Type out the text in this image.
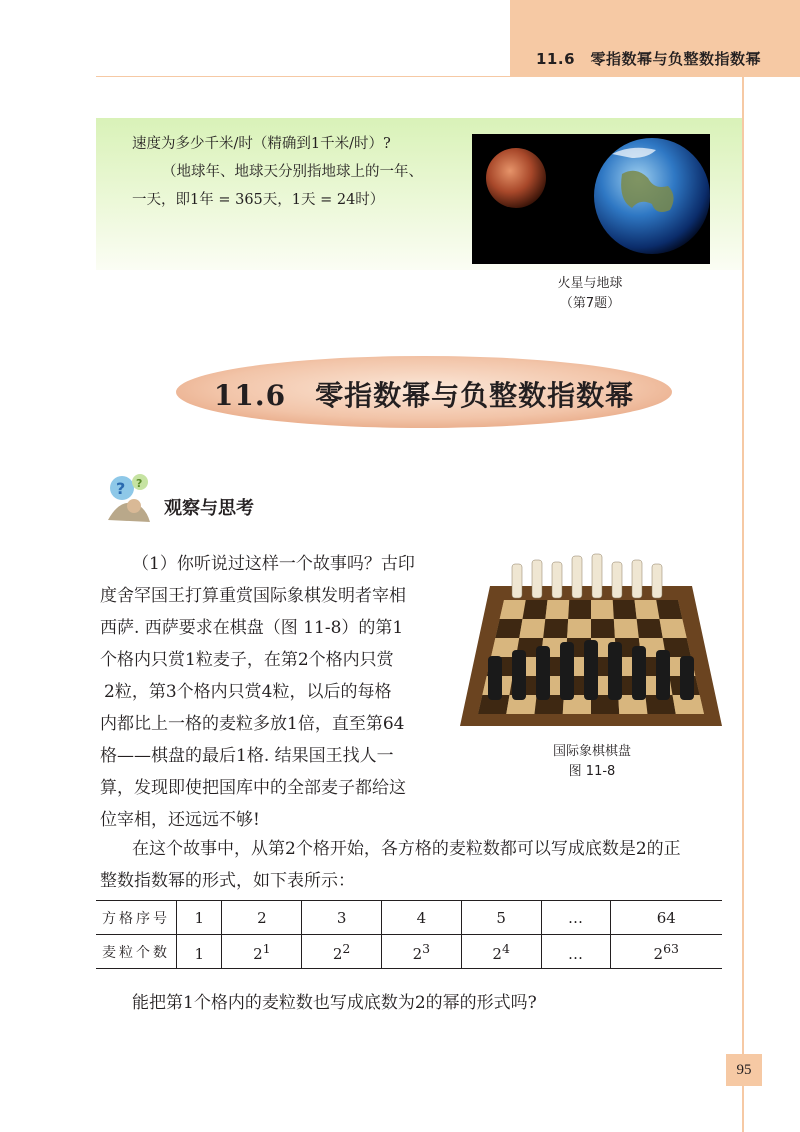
11.6　零指数幂与负整数指数幂
速度为多少千米/时（精确到1千米/时）?
（地球年、地球天分别指地球上的一年、
一天，即1年 = 365天，1天 = 24时）
火星与地球
（第7题）
11.6　零指数幂与负整数指数幂
? ?
观察与思考
（1）你听说过这样一个故事吗？古印
度舍罕国王打算重赏国际象棋发明者宰相
西萨. 西萨要求在棋盘（图 11-8）的第1
个格内只赏1粒麦子，在第2个格内只赏
2粒，第3个格内只赏4粒，以后的每格
内都比上一格的麦粒多放1倍，直至第64
格——棋盘的最后1格. 结果国王找人一
算，发现即使把国库中的全部麦子都给这
位宰相，还远远不够!
国际象棋棋盘
图 11-8
在这个故事中，从第2个格开始，各方格的麦粒数都可以写成底数是2的正
整数指数幂的形式，如下表所示：
方格序号	1	2	3	4	5	…	64
麦粒个数	1	$2^1$	$2^2$	$2^3$	$2^4$	…	$2^{63}$
能把第1个格内的麦粒数也写成底数为2的幂的形式吗?
95
